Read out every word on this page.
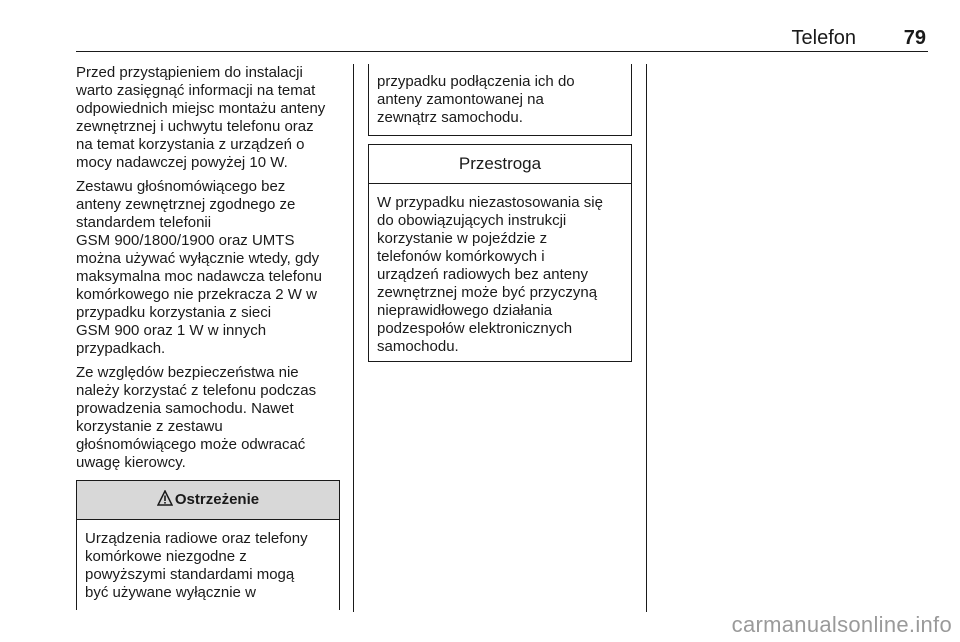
Telefon 79

Przed przystąpieniem do instalacji
warto zasięgnąć informacji na temat
odpowiednich miejsc montażu anteny
zewnętrznej i uchwytu telefonu oraz
na temat korzystania z urządzeń o
mocy nadawczej powyżej 10 W.

Zestawu głośnomówiącego bez
anteny zewnętrznej zgodnego ze
standardem telefonii
GSM 900/1800/1900 oraz UMTS
można używać wyłącznie wtedy, gdy
maksymalna moc nadawcza telefonu
komórkowego nie przekracza 2 W w
przypadku korzystania z sieci
GSM 900 oraz 1 W w innych
przypadkach.

Ze względów bezpieczeństwa nie
należy korzystać z telefonu podczas
prowadzenia samochodu. Nawet
korzystanie z zestawu
głośnomówiącego może odwracać
uwagę kierowcy.

Ostrzeżenie
Urządzenia radiowe oraz telefony
komórkowe niezgodne z
powyższymi standardami mogą
być używane wyłącznie w
przypadku podłączenia ich do
anteny zamontowanej na
zewnątrz samochodu.
Przestroga
W przypadku niezastosowania się
do obowiązujących instrukcji
korzystanie w pojeździe z
telefonów komórkowych i
urządzeń radiowych bez anteny
zewnętrznej może być przyczyną
nieprawidłowego działania
podzespołów elektronicznych
samochodu.
carmanualsonline.info
